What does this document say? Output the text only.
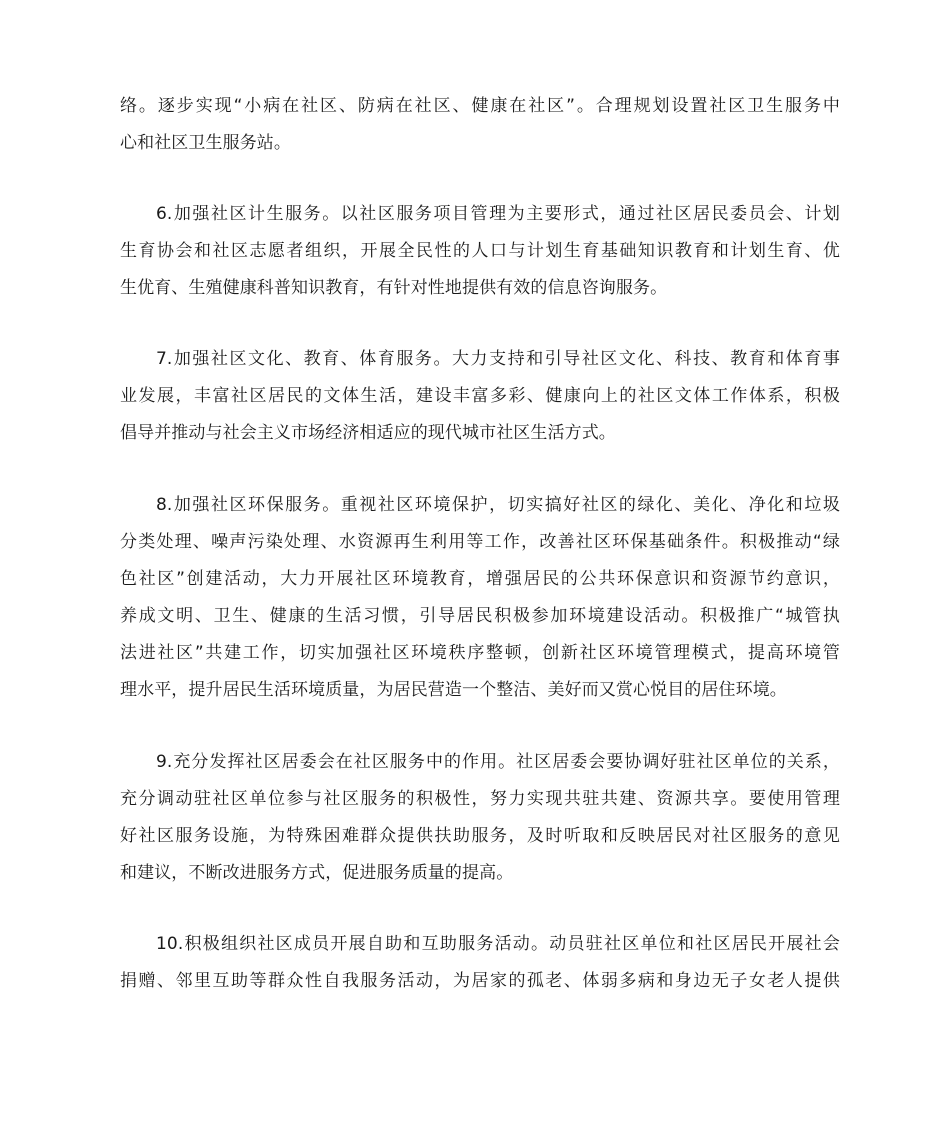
络。逐步实现“小病在社区、防病在社区、健康在社区”。合理规划设置社区卫生服务中
心和社区卫生服务站。
6.加强社区计生服务。以社区服务项目管理为主要形式，通过社区居民委员会、计划
生育协会和社区志愿者组织，开展全民性的人口与计划生育基础知识教育和计划生育、优
生优育、生殖健康科普知识教育，有针对性地提供有效的信息咨询服务。
7.加强社区文化、教育、体育服务。大力支持和引导社区文化、科技、教育和体育事
业发展，丰富社区居民的文体生活，建设丰富多彩、健康向上的社区文体工作体系，积极
倡导并推动与社会主义市场经济相适应的现代城市社区生活方式。
8.加强社区环保服务。重视社区环境保护，切实搞好社区的绿化、美化、净化和垃圾
分类处理、噪声污染处理、水资源再生利用等工作，改善社区环保基础条件。积极推动“绿
色社区”创建活动，大力开展社区环境教育，增强居民的公共环保意识和资源节约意识，
养成文明、卫生、健康的生活习惯，引导居民积极参加环境建设活动。积极推广“城管执
法进社区”共建工作，切实加强社区环境秩序整顿，创新社区环境管理模式，提高环境管
理水平，提升居民生活环境质量，为居民营造一个整洁、美好而又赏心悦目的居住环境。
9.充分发挥社区居委会在社区服务中的作用。社区居委会要协调好驻社区单位的关系，
充分调动驻社区单位参与社区服务的积极性，努力实现共驻共建、资源共享。要使用管理
好社区服务设施，为特殊困难群众提供扶助服务，及时听取和反映居民对社区服务的意见
和建议，不断改进服务方式，促进服务质量的提高。
10.积极组织社区成员开展自助和互助服务活动。动员驻社区单位和社区居民开展社会
捐赠、邻里互助等群众性自我服务活动，为居家的孤老、体弱多病和身边无子女老人提供
